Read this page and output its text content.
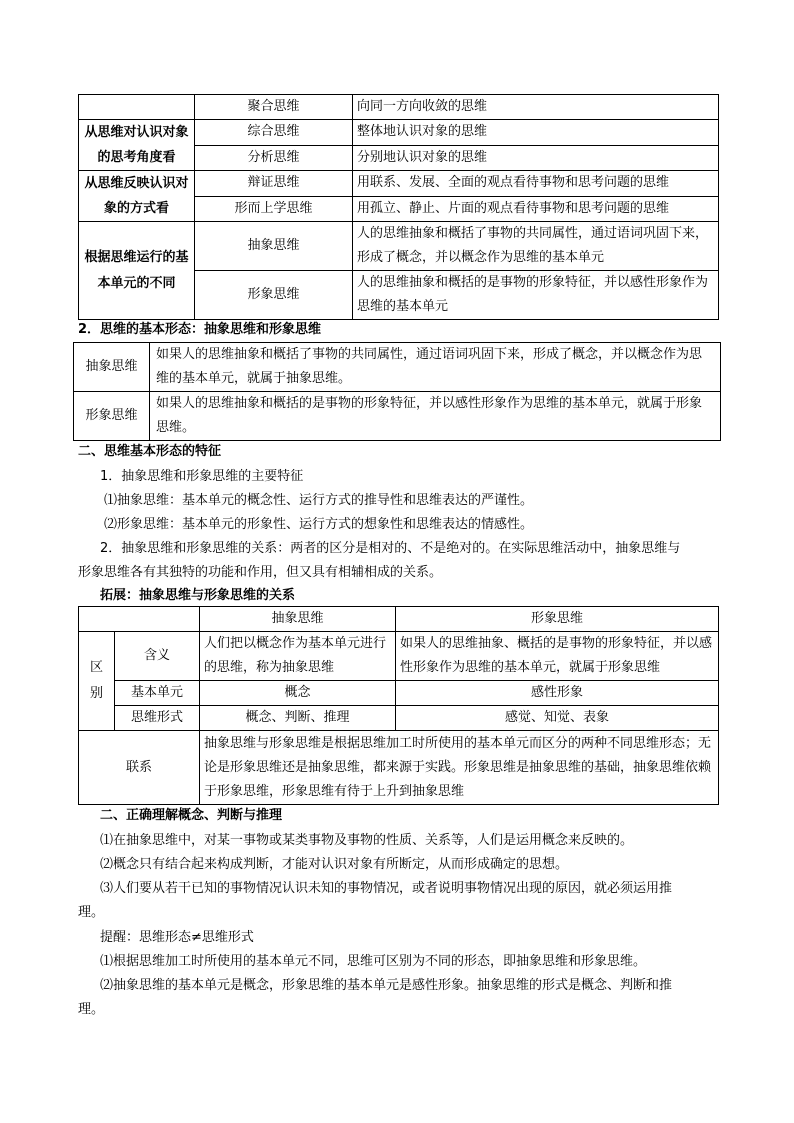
	聚合思维	向同一方向收敛的思维
从思维对认识对象的思考角度看	综合思维	整体地认识对象的思维
	分析思维	分别地认识对象的思维
从思维反映认识对象的方式看	辩证思维	用联系、发展、全面的观点看待事物和思考问题的思维
	形而上学思维	用孤立、静止、片面的观点看待事物和思考问题的思维
根据思维运行的基本单元的不同	抽象思维	人的思维抽象和概括了事物的共同属性，通过语词巩固下来，形成了概念，并以概念作为思维的基本单元
	形象思维	人的思维抽象和概括的是事物的形象特征，并以感性形象作为思维的基本单元
2．思维的基本形态：抽象思维和形象思维
抽象思维	如果人的思维抽象和概括了事物的共同属性，通过语词巩固下来，形成了概念，并以概念作为思维的基本单元，就属于抽象思维。
形象思维	如果人的思维抽象和概括的是事物的形象特征，并以感性形象作为思维的基本单元，就属于形象思维。
二、思维基本形态的特征
1．抽象思维和形象思维的主要特征
⑴抽象思维：基本单元的概念性、运行方式的推导性和思维表达的严谨性。
⑵形象思维：基本单元的形象性、运行方式的想象性和思维表达的情感性。
2．抽象思维和形象思维的关系：两者的区分是相对的、不是绝对的。在实际思维活动中，抽象思维与
形象思维各有其独特的功能和作用，但又具有相辅相成的关系。
拓展：抽象思维与形象思维的关系
		抽象思维	形象思维
区别	含义	人们把以概念作为基本单元进行的思维，称为抽象思维	如果人的思维抽象、概括的是事物的形象特征，并以感性形象作为思维的基本单元，就属于形象思维
	基本单元	概念	感性形象
	思维形式	概念、判断、推理	感觉、知觉、表象
联系		抽象思维与形象思维是根据思维加工时所使用的基本单元而区分的两种不同思维形态；无论是形象思维还是抽象思维，都来源于实践。形象思维是抽象思维的基础，抽象思维依赖于形象思维，形象思维有待于上升到抽象思维	
二、正确理解概念、判断与推理
⑴在抽象思维中，对某一事物或某类事物及事物的性质、关系等，人们是运用概念来反映的。
⑵概念只有结合起来构成判断，才能对认识对象有所断定，从而形成确定的思想。
⑶人们要从若干已知的事物情况认识未知的事物情况，或者说明事物情况出现的原因，就必须运用推
理。
提醒：思维形态≠思维形式
⑴根据思维加工时所使用的基本单元不同，思维可区别为不同的形态，即抽象思维和形象思维。
⑵抽象思维的基本单元是概念，形象思维的基本单元是感性形象。抽象思维的形式是概念、判断和推
理。
